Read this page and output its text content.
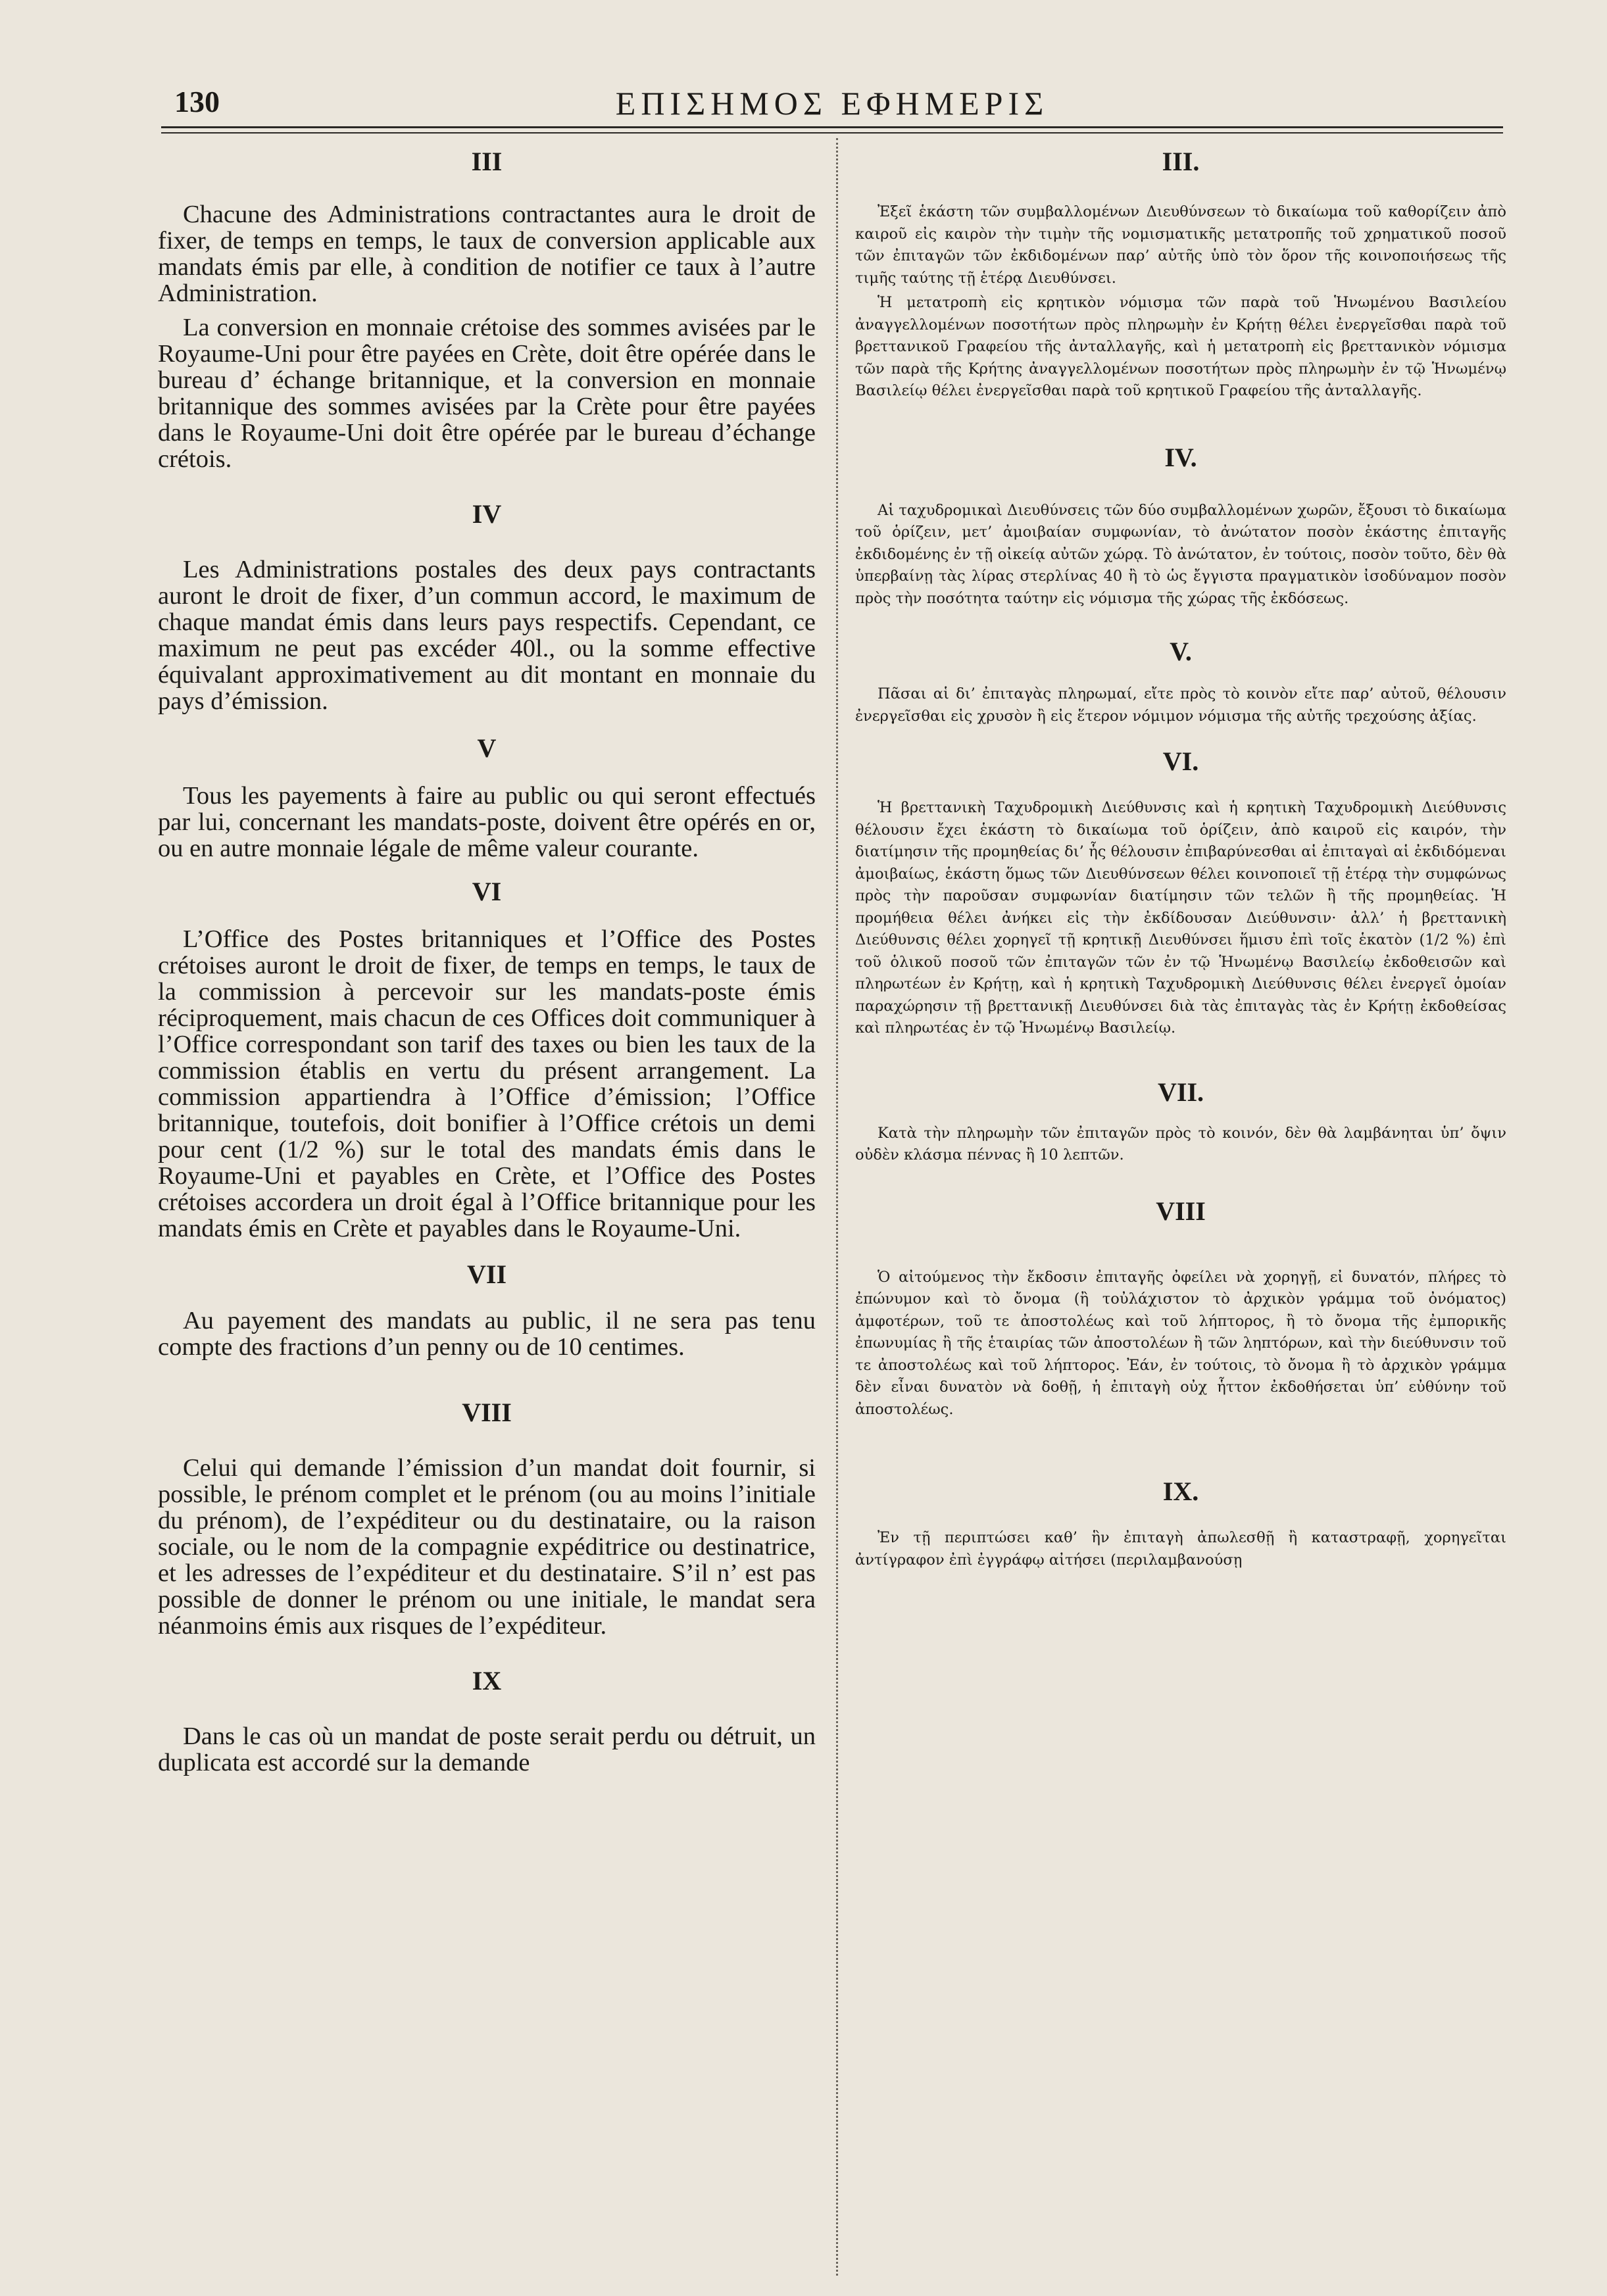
130	ΕΠΙΣΗΜΟΣ ΕΦΗΜΕΡΙΣ
III

Chacune des Administrations contractantes aura le droit de fixer, de temps en temps, le taux de conversion applicable aux mandats émis par elle, à condition de notifier ce taux à l’autre Administration.

La conversion en monnaie crétoise des sommes avisées par le Royaume-Uni pour être payées en Crète, doit être opérée dans le bureau d’ échange britannique, et la conversion en monnaie britannique des sommes avisées par la Crète pour être payées dans le Royaume-Uni doit être opérée par le bureau d’échange crétois.

IV

Les Administrations postales des deux pays contractants auront le droit de fixer, d’un commun accord, le maximum de chaque mandat émis dans leurs pays respectifs. Cependant, ce maximum ne peut pas excéder 40l., ou la somme effective équivalant approximativement au dit montant en monnaie du pays d’émission.

V

Tous les payements à faire au public ou qui seront effectués par lui, concernant les mandats-poste, doivent être opérés en or, ou en autre monnaie légale de même valeur courante.

VI

L’Office des Postes britanniques et l’Office des Postes crétoises auront le droit de fixer, de temps en temps, le taux de la commission à percevoir sur les mandats-poste émis réciproquement, mais chacun de ces Offices doit communiquer à l’Office correspondant son tarif des taxes ou bien les taux de la commission établis en vertu du présent arrangement. La commission appartiendra à l’Office d’émission; l’Office britannique, toutefois, doit bonifier à l’Office crétois un demi pour cent (1/2 %) sur le total des mandats émis dans le Royaume-Uni et payables en Crète, et l’Office des Postes crétoises accordera un droit égal à l’Office britannique pour les mandats émis en Crète et payables dans le Royaume-Uni.

VII

Au payement des mandats au public, il ne sera pas tenu compte des fractions d’un penny ou de 10 centimes.

VIII

Celui qui demande l’émission d’un mandat doit fournir, si possible, le prénom complet et le prénom (ou au moins l’initiale du prénom), de l’expéditeur ou du destinataire, ou la raison sociale, ou le nom de la compagnie expéditrice ou destinatrice, et les adresses de l’expéditeur et du destinataire. S’il n’ est pas possible de donner le prénom ou une initiale, le mandat sera néanmoins émis aux risques de l’expéditeur.

IX

Dans le cas où un mandat de poste serait perdu ou détruit, un duplicata est accordé sur la demande

III.

Ἐξεῖ ἑκάστη τῶν συμβαλλομένων Διευθύνσεων τὸ δικαίωμα τοῦ καθορίζειν ἀπὸ καιροῦ εἰς καιρὸν τὴν τιμὴν τῆς νομισματικῆς μετατροπῆς τοῦ χρηματικοῦ ποσοῦ τῶν ἐπιταγῶν τῶν ἐκδιδομένων παρ’ αὐτῆς ὑπὸ τὸν ὅρον τῆς κοινοποιήσεως τῆς τιμῆς ταύτης τῇ ἑτέρᾳ Διευθύνσει.

Ἡ μετατροπὴ εἰς κρητικὸν νόμισμα τῶν παρὰ τοῦ Ἡνωμένου Βασιλείου ἀναγγελλομένων ποσοτήτων πρὸς πληρωμὴν ἐν Κρήτῃ θέλει ἐνεργεῖσθαι παρὰ τοῦ βρεττανικοῦ Γραφείου τῆς ἀνταλλαγῆς, καὶ ἡ μετατροπὴ εἰς βρεττανικὸν νόμισμα τῶν παρὰ τῆς Κρήτης ἀναγγελλομένων ποσοτήτων πρὸς πληρωμὴν ἐν τῷ Ἡνωμένῳ Βασιλείῳ θέλει ἐνεργεῖσθαι παρὰ τοῦ κρητικοῦ Γραφείου τῆς ἀνταλλαγῆς.

IV.

Αἱ ταχυδρομικαὶ Διευθύνσεις τῶν δύο συμβαλλομένων χωρῶν, ἔξουσι τὸ δικαίωμα τοῦ ὁρίζειν, μετ’ ἀμοιβαίαν συμφωνίαν, τὸ ἀνώτατον ποσὸν ἑκάστης ἐπιταγῆς ἐκδιδομένης ἐν τῇ οἰκείᾳ αὐτῶν χώρᾳ. Τὸ ἀνώτατον, ἐν τούτοις, ποσὸν τοῦτο, δὲν θὰ ὑπερβαίνῃ τὰς λίρας στερλίνας 40 ἢ τὸ ὡς ἔγγιστα πραγματικὸν ἰσοδύναμον ποσὸν πρὸς τὴν ποσότητα ταύτην εἰς νόμισμα τῆς χώρας τῆς ἐκδόσεως.

V.

Πᾶσαι αἱ δι’ ἐπιταγὰς πληρωμαί, εἴτε πρὸς τὸ κοινὸν εἴτε παρ’ αὐτοῦ, θέλουσιν ἐνεργεῖσθαι εἰς χρυσὸν ἢ εἰς ἕτερον νόμιμον νόμισμα τῆς αὐτῆς τρεχούσης ἀξίας.

VI.

Ἡ βρεττανικὴ Ταχυδρομικὴ Διεύθυνσις καὶ ἡ κρητικὴ Ταχυδρομικὴ Διεύθυνσις θέλουσιν ἔχει ἑκάστη τὸ δικαίωμα τοῦ ὁρίζειν, ἀπὸ καιροῦ εἰς καιρόν, τὴν διατίμησιν τῆς προμηθείας δι’ ἧς θέλουσιν ἐπιβαρύνεσθαι αἱ ἐπιταγαὶ αἱ ἐκδιδόμεναι ἀμοιβαίως, ἑκάστη ὅμως τῶν Διευθύνσεων θέλει κοινοποιεῖ τῇ ἑτέρᾳ τὴν συμφώνως πρὸς τὴν παροῦσαν συμφωνίαν διατίμησιν τῶν τελῶν ἢ τῆς προμηθείας. Ἡ προμήθεια θέλει ἀνήκει εἰς τὴν ἐκδίδουσαν Διεύθυνσιν· ἀλλ’ ἡ βρεττανικὴ Διεύθυνσις θέλει χορηγεῖ τῇ κρητικῇ Διευθύνσει ἥμισυ ἐπὶ τοῖς ἑκατὸν (1/2 %) ἐπὶ τοῦ ὁλικοῦ ποσοῦ τῶν ἐπιταγῶν τῶν ἐν τῷ Ἡνωμένῳ Βασιλείῳ ἐκδοθεισῶν καὶ πληρωτέων ἐν Κρήτῃ, καὶ ἡ κρητικὴ Ταχυδρομικὴ Διεύθυνσις θέλει ἐνεργεῖ ὁμοίαν παραχώρησιν τῇ βρεττανικῇ Διευθύνσει διὰ τὰς ἐπιταγὰς τὰς ἐν Κρήτῃ ἐκδοθείσας καὶ πληρωτέας ἐν τῷ Ἡνωμένῳ Βασιλείῳ.

VII.

Κατὰ τὴν πληρωμὴν τῶν ἐπιταγῶν πρὸς τὸ κοινόν, δὲν θὰ λαμβάνηται ὑπ’ ὄψιν οὐδὲν κλάσμα πέννας ἢ 10 λεπτῶν.

VIII

Ὁ αἰτούμενος τὴν ἔκδοσιν ἐπιταγῆς ὀφείλει νὰ χορηγῇ, εἰ δυνατόν, πλήρες τὸ ἐπώνυμον καὶ τὸ ὄνομα (ἢ τοὐλάχιστον τὸ ἀρχικὸν γράμμα τοῦ ὀνόματος) ἀμφοτέρων, τοῦ τε ἀποστολέως καὶ τοῦ λήπτορος, ἢ τὸ ὄνομα τῆς ἐμπορικῆς ἐπωνυμίας ἢ τῆς ἑταιρίας τῶν ἀποστολέων ἢ τῶν ληπτόρων, καὶ τὴν διεύθυνσιν τοῦ τε ἀποστολέως καὶ τοῦ λήπτορος. Ἐάν, ἐν τούτοις, τὸ ὄνομα ἢ τὸ ἀρχικὸν γράμμα δὲν εἶναι δυνατὸν νὰ δοθῇ, ἡ ἐπιταγὴ οὐχ ἧττον ἐκδοθήσεται ὑπ’ εὐθύνην τοῦ ἀποστολέως.

IX.

Ἐν τῇ περιπτώσει καθ’ ἣν ἐπιταγὴ ἀπωλεσθῇ ἢ καταστραφῇ, χορηγεῖται ἀντίγραφον ἐπὶ ἐγγράφῳ αἰτήσει (περιλαμβανούσῃ
